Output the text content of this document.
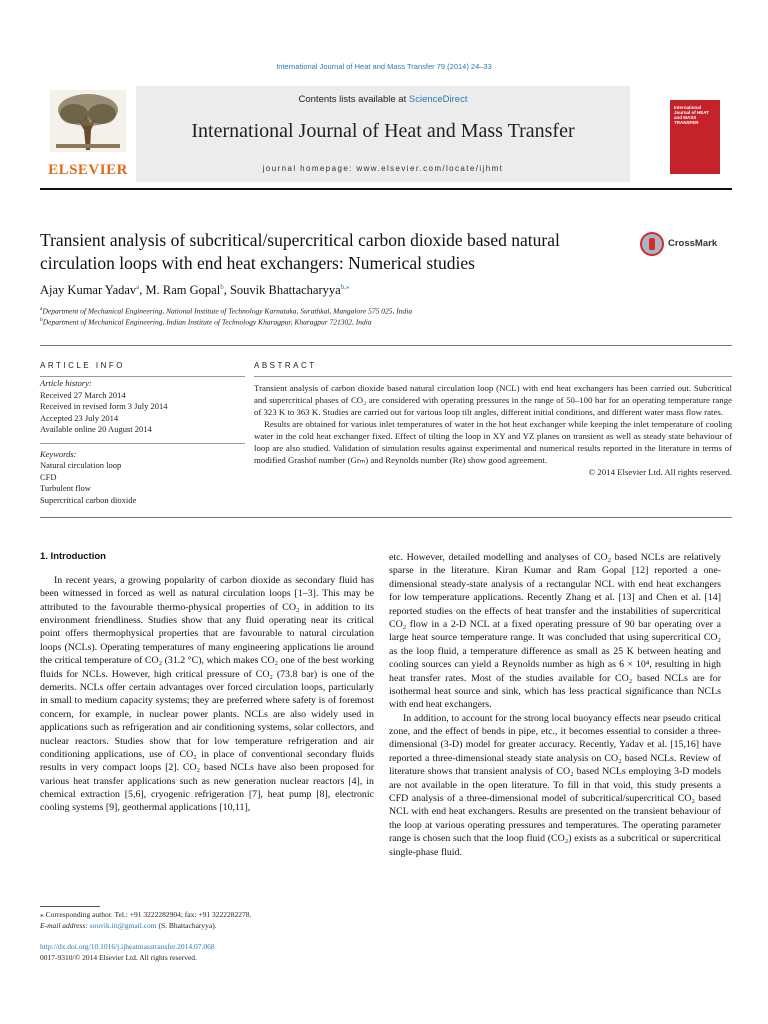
International Journal of Heat and Mass Transfer 79 (2014) 24–33
ELSEVIER
Contents lists available at ScienceDirect
International Journal of Heat and Mass Transfer
journal homepage: www.elsevier.com/locate/ijhmt
International Journal of HEAT and MASS TRANSFER
Transient analysis of subcritical/supercritical carbon dioxide based natural circulation loops with end heat exchangers: Numerical studies
CrossMark
Ajay Kumar Yadav$^a$, M. Ram Gopal$^b$, Souvik Bhattacharyya$^{b,⁎}$
$^a$Department of Mechanical Engineering, National Institute of Technology Karnataka, Surathkal, Mangalore 575 025, India
$^b$Department of Mechanical Engineering, Indian Institute of Technology Kharagpur, Kharagpur 721302, India
ARTICLE INFO	ABSTRACT
Article history:
Received 27 March 2014
Received in revised form 3 July 2014
Accepted 23 July 2014
Available online 20 August 2014
Keywords:
Natural circulation loop
CFD
Turbulent flow
Supercritical carbon dioxide

Transient analysis of carbon dioxide based natural circulation loop (NCL) with end heat exchangers has been carried out. Subcritical and supercritical phases of CO₂ are considered with operating pressures in the range of 50–100 bar for an operating temperature range of 323 K to 363 K. Studies are carried out for various loop tilt angles, different initial conditions, and different water mass flow rates.

Results are obtained for various inlet temperatures of water in the hot heat exchanger while keeping the inlet temperature of cooling water in the cold heat exchanger fixed. Effect of tilting the loop in XY and YZ planes on transient as well as steady state behaviour of loop are also studied. Validation of simulation results against experimental and numerical results reported in the literature in terms of modified Grashof number (Grₘ) and Reynolds number (Re) show good agreement.

© 2014 Elsevier Ltd. All rights reserved.

1. Introduction

In recent years, a growing popularity of carbon dioxide as secondary fluid has been witnessed in forced as well as natural circulation loops [1–3]. This may be attributed to the favourable thermo-physical properties of CO₂ in addition to its environment friendliness. Studies show that any fluid operating near its critical point offers thermophysical properties that are favourable to natural circulation loops (NCLs). Operating temperatures of many engineering applications lie around the critical temperature of CO₂ (31.2 °C), which makes CO₂ one of the best working fluids for NCLs. However, high critical pressure of CO₂ (73.8 bar) is one of the demerits. NCLs offer certain advantages over forced circulation loops, particularly in small to medium capacity systems; they are preferred where safety is of foremost concern, for example, in nuclear power plants. NCLs are also widely used in applications such as refrigeration and air conditioning systems, solar collectors, and nuclear reactors. Studies show that for low temperature refrigeration and air conditioning applications, use of CO₂ in place of conventional secondary fluids results in very compact loops [2]. CO₂ based NCLs have also been proposed for various heat transfer applications such as new generation nuclear reactors [4], in chemical extraction [5,6], cryogenic refrigeration [7], heat pump [8], electronic cooling systems [9], geothermal applications [10,11],

etc. However, detailed modelling and analyses of CO₂ based NCLs are relatively sparse in the literature. Kiran Kumar and Ram Gopal [12] reported a one-dimensional steady-state analysis of a rectangular NCL with end heat exchangers for low temperature applications. Recently Zhang et al. [13] and Chen et al. [14] reported studies on the effects of heat transfer and the instabilities of supercritical CO₂ flow in a 2-D NCL at a fixed operating pressure of 90 bar operating over a large heat source temperature range. It was concluded that using supercritical CO₂ as the loop fluid, a temperature difference as small as 25 K between heating and cooling sources can yield a Reynolds number as high as 6 × 10⁴, resulting in high heat transfer rates. Most of the studies available for CO₂ based NCLs are for isothermal heat source and sink, which has less practical significance than NCLs with end heat exchangers.

In addition, to account for the strong local buoyancy effects near pseudo critical zone, and the effect of bends in pipe, etc., it becomes essential to consider a three-dimensional (3-D) model for greater accuracy. Recently, Yadav et al. [15,16] have reported a three-dimensional steady state analysis on CO₂ based NCLs. Review of literature shows that transient analysis of CO₂ based NCLs employing 3-D models are not available in the open literature. To fill in that void, this study presents a CFD analysis of a three-dimensional model of subcritical/supercritical CO₂ based NCL with end heat exchangers. Results are presented on the transient behaviour of the loop at various operating pressures and temperatures. The operating parameter range is chosen such that the loop fluid (CO₂) exists as a subcritical or supercritical single-phase fluid.

⁎ Corresponding author. Tel.: +91 3222282904; fax: +91 3222282278.
E-mail address: souvik.iit@gmail.com (S. Bhattacharyya).
http://dx.doi.org/10.1016/j.ijheatmasstransfer.2014.07.068
0017-9310/© 2014 Elsevier Ltd. All rights reserved.
